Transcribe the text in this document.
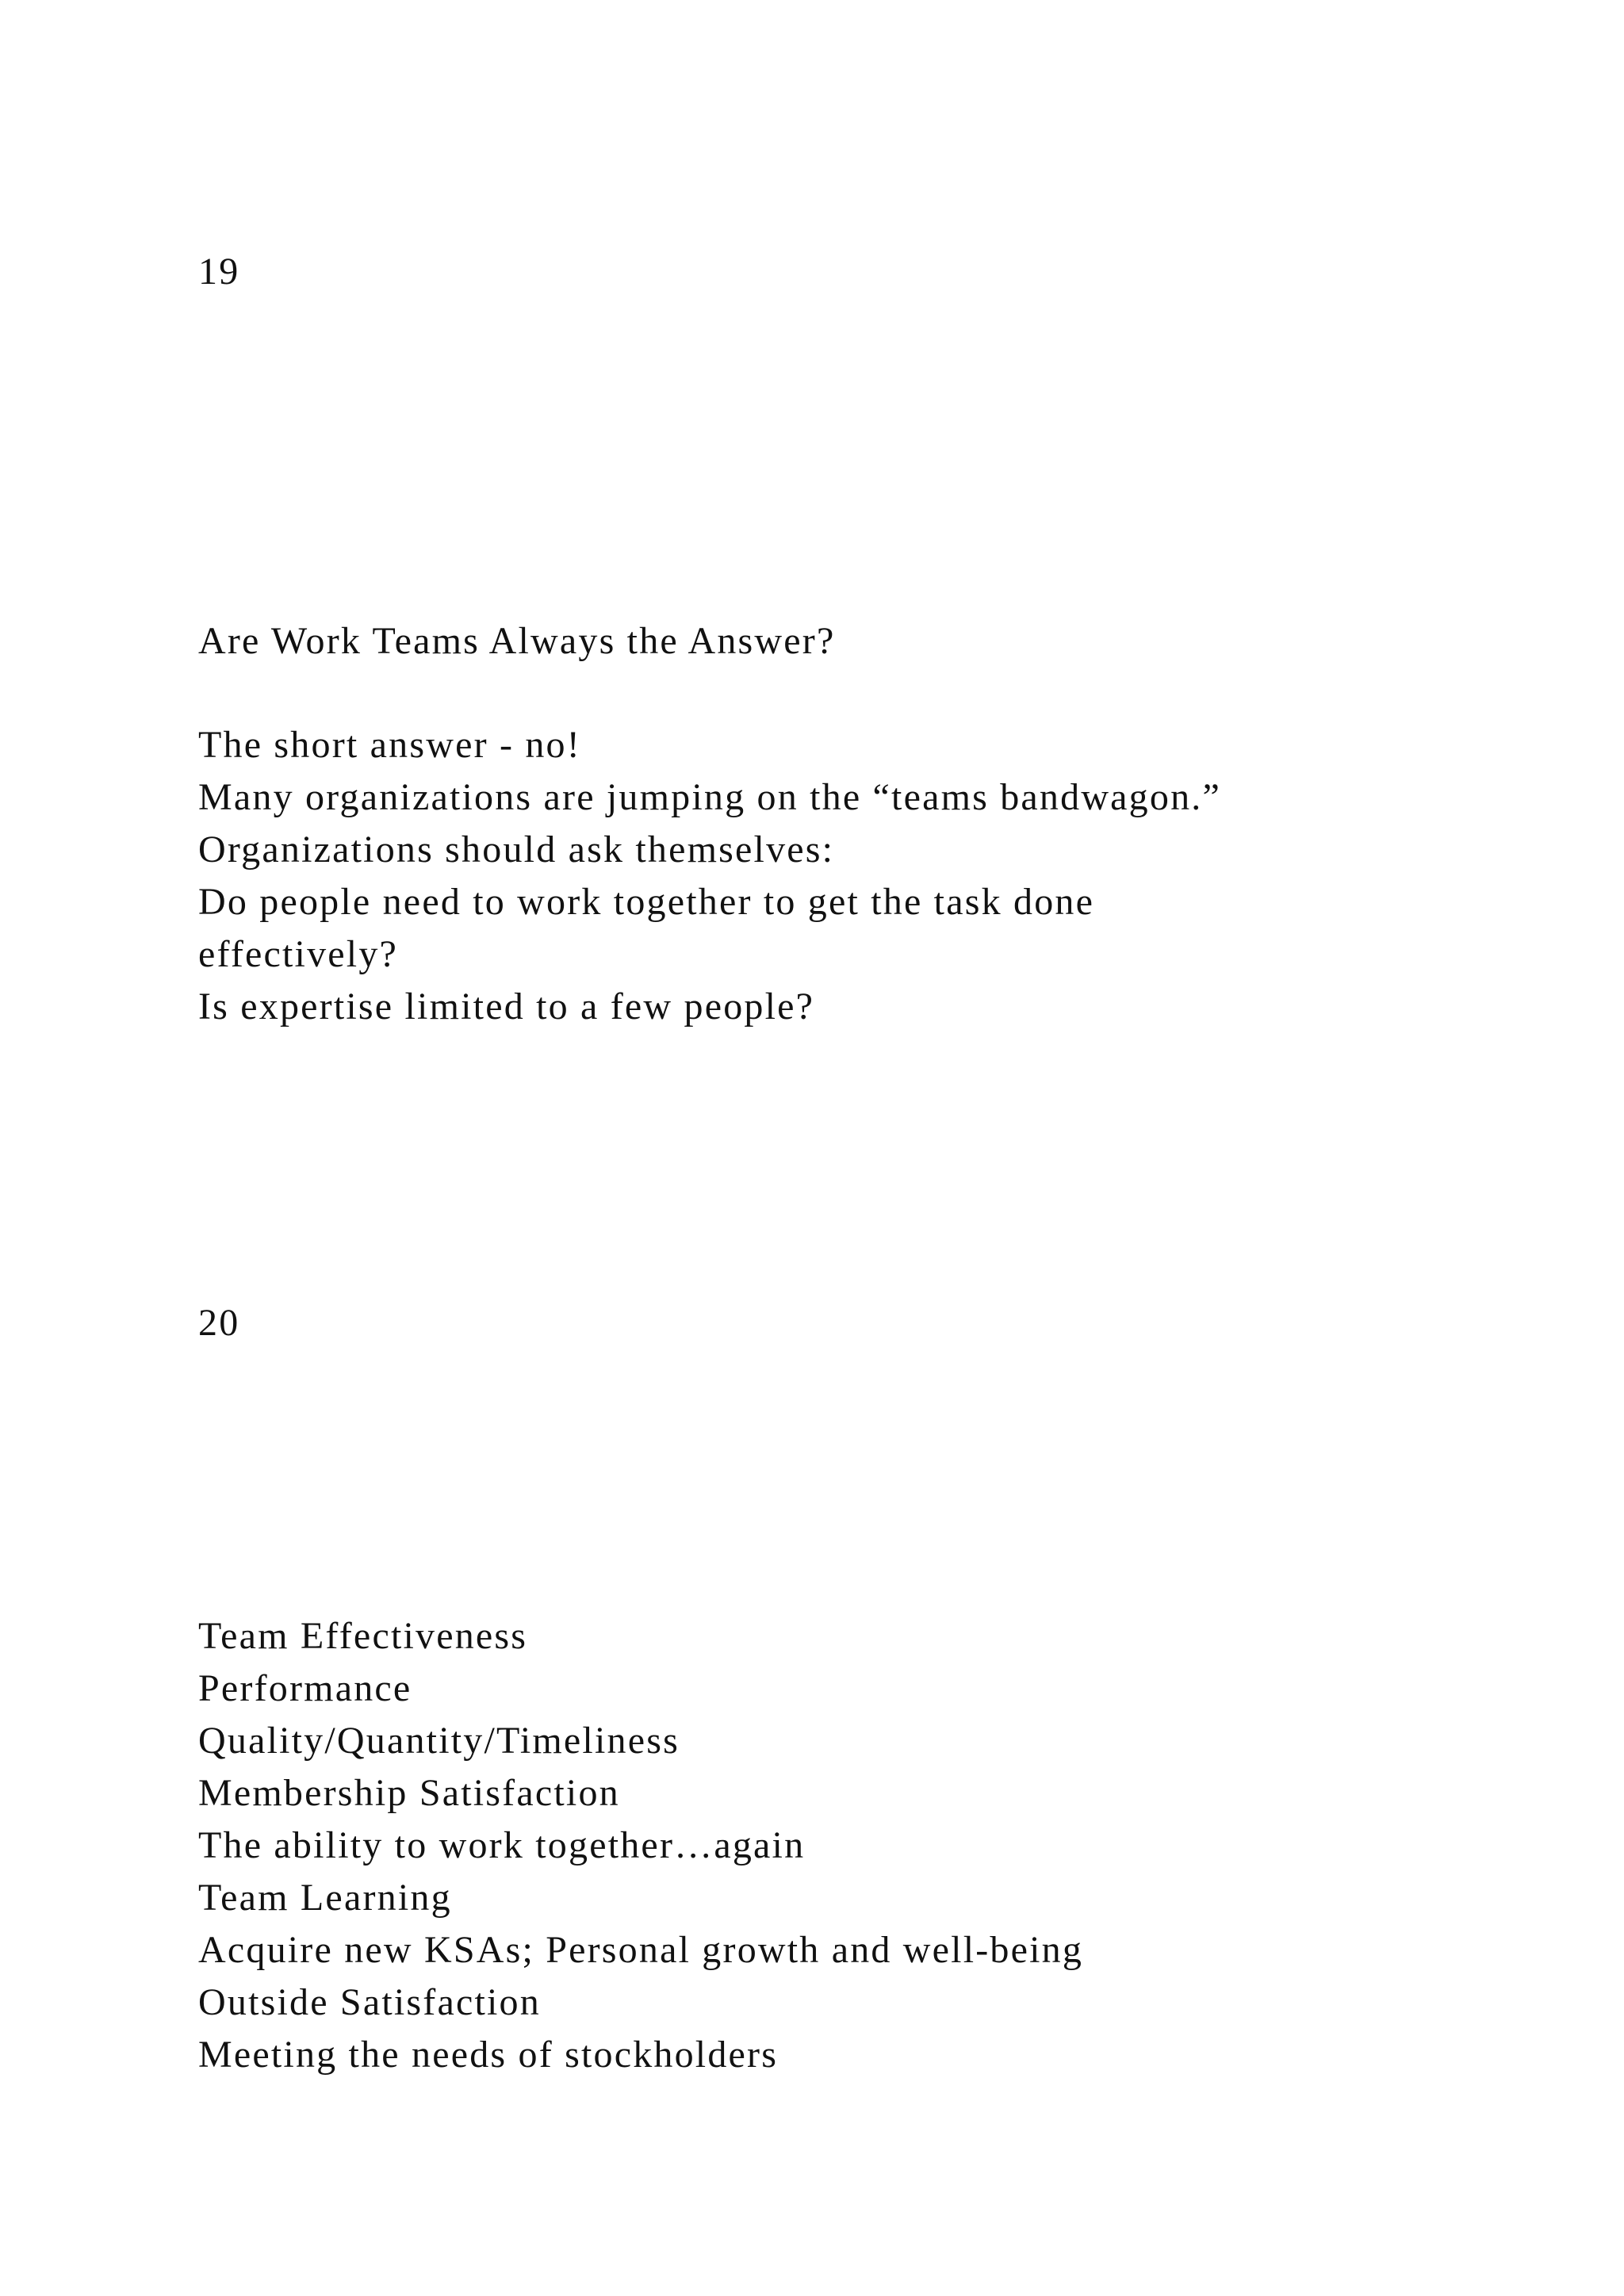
19

Are Work Teams Always the Answer?

The short answer - no!

Many organizations are jumping on the “teams bandwagon.”

Organizations should ask themselves:

Do people need to work together to get the task done

effectively?

Is expertise limited to a few people?

20

Team Effectiveness

Performance

Quality/Quantity/Timeliness

Membership Satisfaction

The ability to work together…again

Team Learning

Acquire new KSAs; Personal growth and well-being

Outside Satisfaction

Meeting the needs of stockholders
